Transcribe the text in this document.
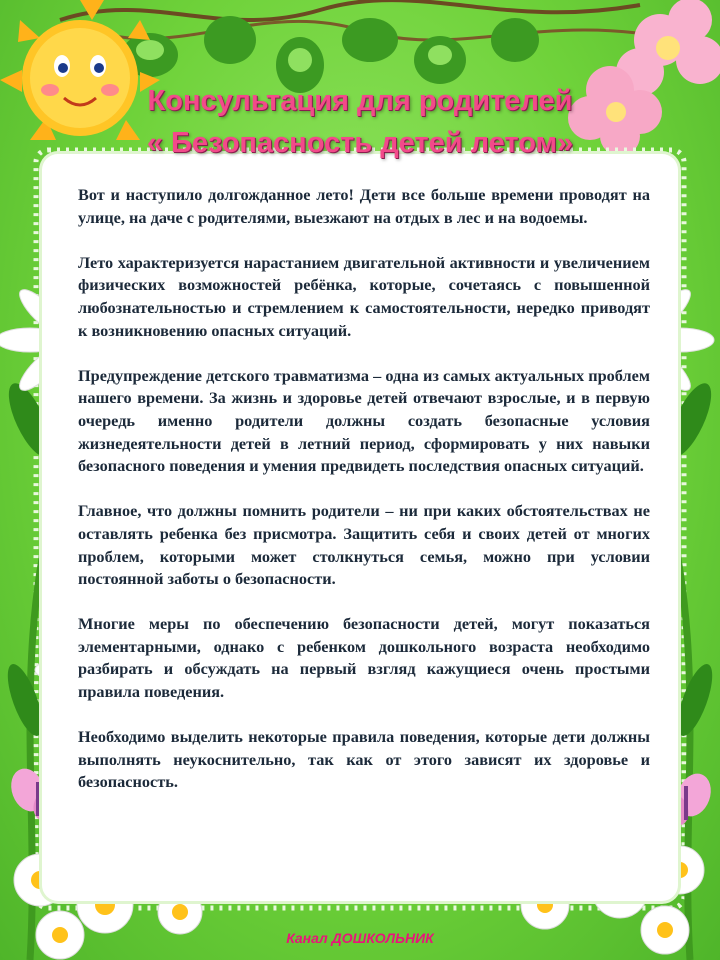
Консультация для родителей
« Безопасность детей летом»

Вот и наступило долгожданное лето! Дети все больше времени проводят на улице, на даче с родителями, выезжают на отдых в лес и на водоемы.

Лето характеризуется нарастанием двигательной активности и увеличением физических возможностей ребёнка, которые, сочетаясь с повышенной любознательностью и стремлением к самостоятельности, нередко приводят к возникновению опасных ситуаций.

Предупреждение детского травматизма – одна из самых актуальных проблем нашего времени. За жизнь и здоровье детей отвечают взрослые, и в первую очередь именно родители должны создать безопасные условия жизнедеятельности детей в летний период, сформировать у них навыки безопасного поведения и умения предвидеть последствия опасных ситуаций.

Главное, что должны помнить родители – ни при каких обстоятельствах не оставлять ребенка без присмотра. Защитить себя и своих детей от многих проблем, которыми может столкнуться семья, можно при условии постоянной заботы о безопасности.

Многие меры по обеспечению безопасности детей, могут показаться элементарными, однако с ребенком дошкольного возраста необходимо разбирать и обсуждать на первый взгляд кажущиеся очень простыми правила поведения.

Необходимо выделить некоторые правила поведения, которые дети должны выполнять неукоснительно, так как от этого зависят их здоровье и безопасность.

Канал ДОШКОЛЬНИК
